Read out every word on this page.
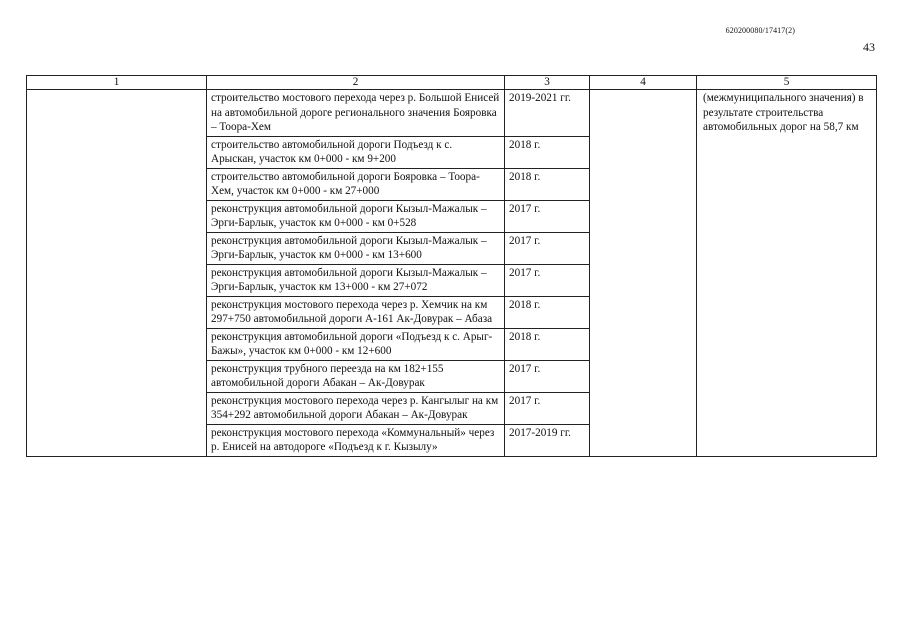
620200080/17417(2)
43
1	2	3	4	5
	строительство мостового перехода через р. Большой Енисей на автомобильной дороге регионального значения Бояровка – Тоора-Хем	2019-2021 гг.		(межмуниципального значения) в результате строительства автомобильных дорог на 58,7 км
	строительство автомобильной дороги Подъезд к с. Арыскан, участок км 0+000 - км 9+200	2018 г.		
	строительство автомобильной дороги Бояровка – Тоора-Хем, участок км 0+000 - км 27+000	2018 г.		
	реконструкция автомобильной дороги Кызыл-Мажалык – Эрги-Барлык, участок км 0+000 - км 0+528	2017 г.		
	реконструкция автомобильной дороги Кызыл-Мажалык – Эрги-Барлык, участок км 0+000 - км 13+600	2017 г.		
	реконструкция автомобильной дороги Кызыл-Мажалык – Эрги-Барлык, участок км 13+000 - км 27+072	2017 г.		
	реконструкция мостового перехода через р. Хемчик на км 297+750 автомобильной дороги А-161 Ак-Довурак – Абаза	2018 г.		
	реконструкция автомобильной дороги «Подъезд к с. Арыг-Бажы», участок км 0+000 - км 12+600	2018 г.		
	реконструкция трубного переезда на км 182+155 автомобильной дороги Абакан – Ак-Довурак	2017 г.		
	реконструкция мостового перехода через р. Кангылыг на км 354+292 автомобильной дороги Абакан – Ак-Довурак	2017 г.		
	реконструкция мостового перехода «Коммунальный» через р. Енисей на автодороге «Подъезд к г. Кызылу»	2017-2019 гг.		
